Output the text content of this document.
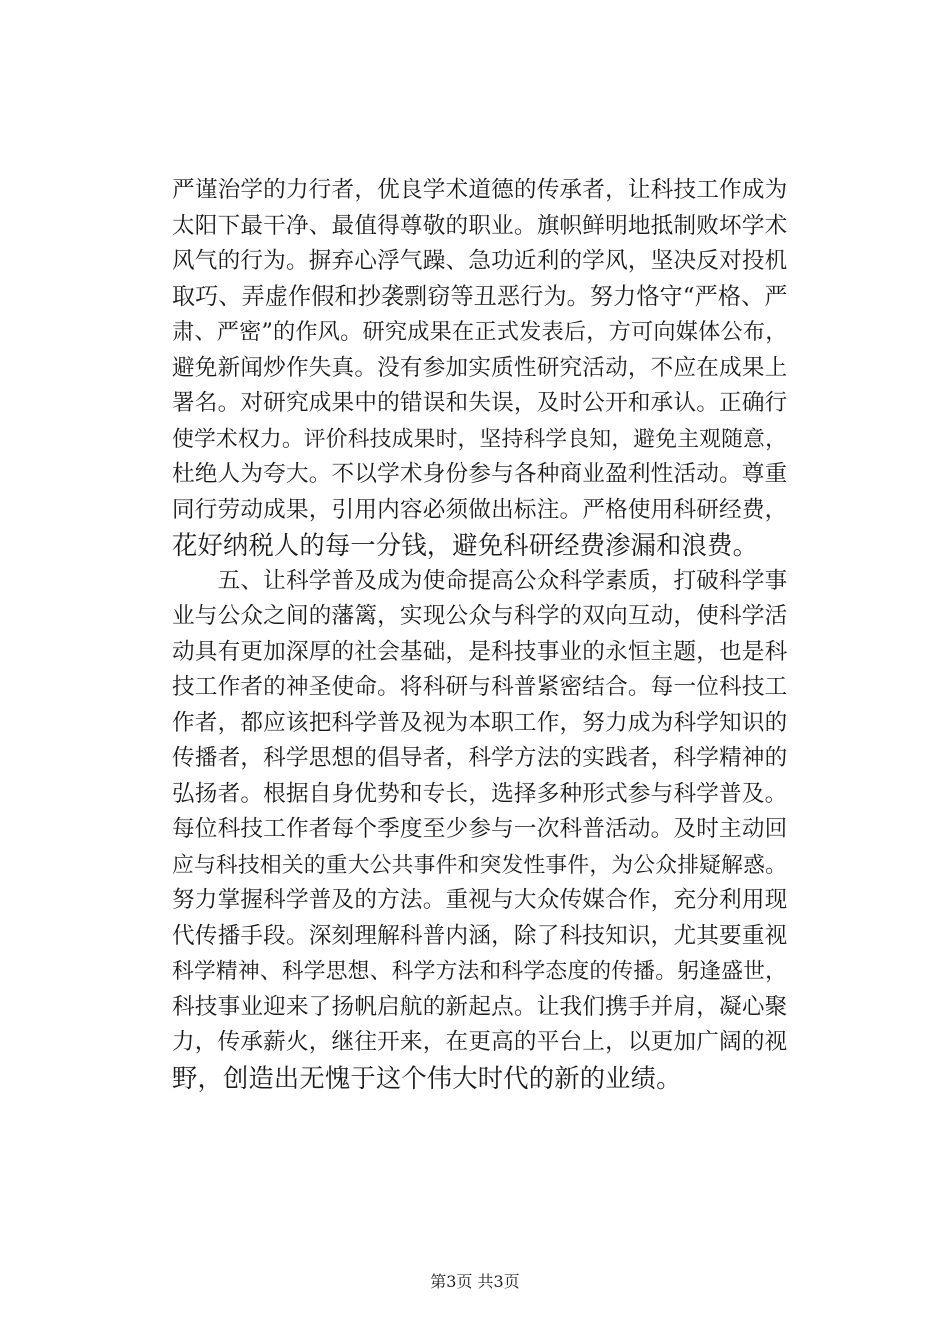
严谨治学的力行者，优良学术道德的传承者，让科技工作成为
太阳下最干净、最值得尊敬的职业。旗帜鲜明地抵制败坏学术
风气的行为。摒弃心浮气躁、急功近利的学风，坚决反对投机
取巧、弄虚作假和抄袭剽窃等丑恶行为。努力恪守“严格、严
肃、严密”的作风。研究成果在正式发表后，方可向媒体公布，
避免新闻炒作失真。没有参加实质性研究活动，不应在成果上
署名。对研究成果中的错误和失误，及时公开和承认。正确行
使学术权力。评价科技成果时，坚持科学良知，避免主观随意，
杜绝人为夸大。不以学术身份参与各种商业盈利性活动。尊重
同行劳动成果，引用内容必须做出标注。严格使用科研经费，
花好纳税人的每一分钱，避免科研经费渗漏和浪费。
　　五、让科学普及成为使命提高公众科学素质，打破科学事
业与公众之间的藩篱，实现公众与科学的双向互动，使科学活
动具有更加深厚的社会基础，是科技事业的永恒主题，也是科
技工作者的神圣使命。将科研与科普紧密结合。每一位科技工
作者，都应该把科学普及视为本职工作，努力成为科学知识的
传播者，科学思想的倡导者，科学方法的实践者，科学精神的
弘扬者。根据自身优势和专长，选择多种形式参与科学普及。
每位科技工作者每个季度至少参与一次科普活动。及时主动回
应与科技相关的重大公共事件和突发性事件，为公众排疑解惑。
努力掌握科学普及的方法。重视与大众传媒合作，充分利用现
代传播手段。深刻理解科普内涵，除了科技知识，尤其要重视
科学精神、科学思想、科学方法和科学态度的传播。躬逢盛世，
科技事业迎来了扬帆启航的新起点。让我们携手并肩，凝心聚
力，传承薪火，继往开来，在更高的平台上，以更加广阔的视
野，创造出无愧于这个伟大时代的新的业绩。
第3页 共3页
